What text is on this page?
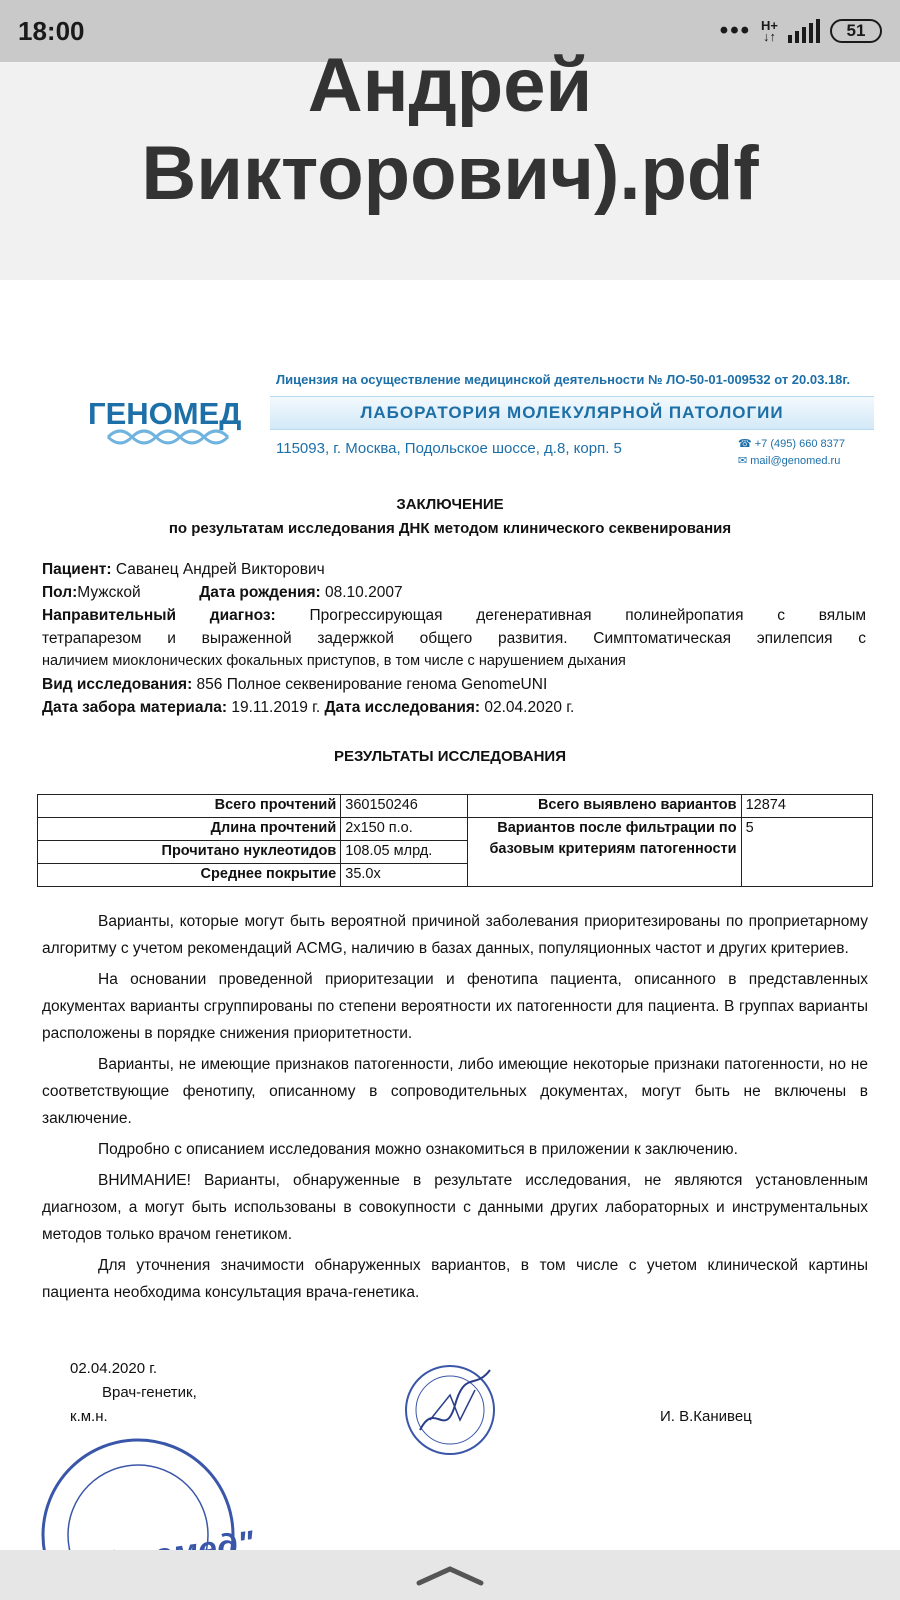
18:00	••• H+
↓↑	51
Андрей
Викторович).pdf
ГЕНОМЕД
Лицензия на осуществление медицинской деятельности № ЛО-50-01-009532 от 20.03.18г.
ЛАБОРАТОРИЯ МОЛЕКУЛЯРНОЙ ПАТОЛОГИИ
115093, г. Москва, Подольское шоссе, д.8, корп. 5	☎ +7 (495) 660 8377
✉ mail@genomed.ru
ЗАКЛЮЧЕНИЕ
по результатам исследования ДНК методом клинического секвенирования
Пациент: Саванец Андрей Викторович
Пол:Мужской	Дата рождения: 08.10.2007
Направительный диагноз: Прогрессирующая дегенеративная полинейропатия с вялым
тетрапарезом и выраженной задержкой общего развития. Симптоматическая эпилепсия с
наличием миоклонических фокальных приступов, в том числе с нарушением дыхания
Вид исследования: 856 Полное секвенирование генома GenomeUNI
Дата забора материала: 19.11.2019 г. Дата исследования: 02.04.2020 г.
РЕЗУЛЬТАТЫ ИССЛЕДОВАНИЯ
Всего прочтений	360150246	Всего выявлено вариантов	12874
Длина прочтений	2x150 п.о.	Вариантов после фильтрации по
базовым критериям патогенности	5
Прочитано нуклеотидов	108.05 млрд.		
Среднее покрытие	35.0x		

Варианты, которые могут быть вероятной причиной заболевания приоритезированы по проприетарному алгоритму с учетом рекомендаций ACMG, наличию в базах данных, популяционных частот и других критериев.

На основании проведенной приоритезации и фенотипа пациента, описанного в представленных документах варианты сгруппированы по степени вероятности их патогенности для пациента. В группах варианты расположены в порядке снижения приоритетности.

Варианты, не имеющие признаков патогенности, либо имеющие некоторые признаки патогенности, но не соответствующие фенотипу, описанному в сопроводительных документах, могут быть не включены в заключение.

Подробно с описанием исследования можно ознакомиться в приложении к заключению.

ВНИМАНИЕ! Варианты, обнаруженные в результате исследования, не являются установленным диагнозом, а могут быть использованы в совокупности с данными других лабораторных и инструментальных методов только врачом генетиком.

Для уточнения значимости обнаруженных вариантов, в том числе с учетом клинической картины пациента необходима консультация врача-генетика.

02.04.2020 г.
Врач-генетик,
к.м.н.	И. В.Канивец
